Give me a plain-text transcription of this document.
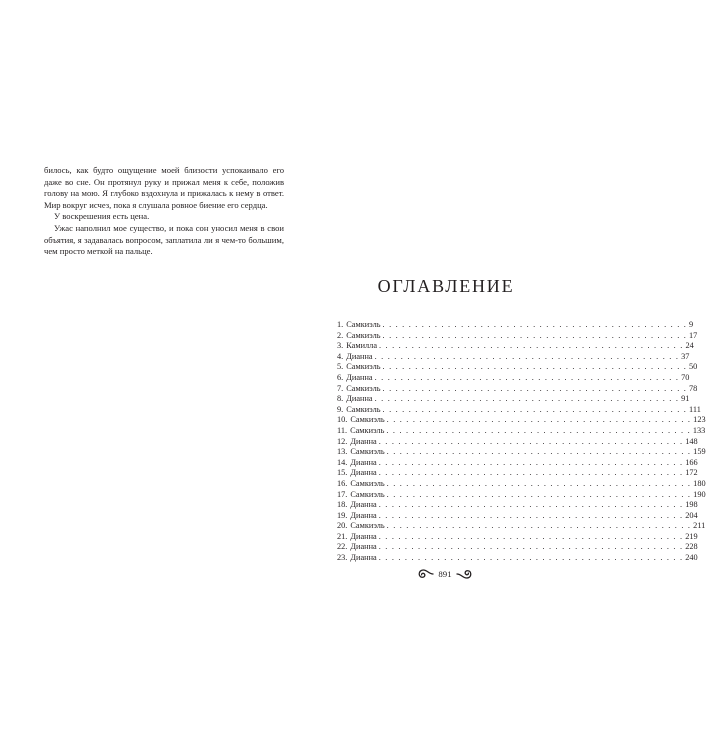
билось, как будто ощущение моей близости успокаивало его даже во сне. Он протянул руку и прижал меня к себе, положив голову на мою. Я глубоко вздохнула и прижалась к нему в ответ. Мир вокруг исчез, пока я слушала ровное биение его сердца.

У воскрешения есть цена.

Ужас наполнил мое существо, и пока сон уносил меня в свои объятия, я задавалась вопросом, заплатила ли я чем-то большим, чем просто меткой на пальце.

ОГЛАВЛЕНИЕ
1. Самкиэль . . . . . . . . . . . . . . . . . . . . . . . . . . . . . . . . . . . . . . . . . . . . . . . 9
2. Самкиэль . . . . . . . . . . . . . . . . . . . . . . . . . . . . . . . . . . . . . . . . . . . . . . . 17
3. Камилла . . . . . . . . . . . . . . . . . . . . . . . . . . . . . . . . . . . . . . . . . . . . . . . 24
4. Дианна . . . . . . . . . . . . . . . . . . . . . . . . . . . . . . . . . . . . . . . . . . . . . . . 37
5. Самкиэль . . . . . . . . . . . . . . . . . . . . . . . . . . . . . . . . . . . . . . . . . . . . . . . 50
6. Дианна . . . . . . . . . . . . . . . . . . . . . . . . . . . . . . . . . . . . . . . . . . . . . . . 70
7. Самкиэль . . . . . . . . . . . . . . . . . . . . . . . . . . . . . . . . . . . . . . . . . . . . . . . 78
8. Дианна . . . . . . . . . . . . . . . . . . . . . . . . . . . . . . . . . . . . . . . . . . . . . . . 91
9. Самкиэль . . . . . . . . . . . . . . . . . . . . . . . . . . . . . . . . . . . . . . . . . . . . . . . 111
10. Самкиэль . . . . . . . . . . . . . . . . . . . . . . . . . . . . . . . . . . . . . . . . . . . . . . . 123
11. Самкиэль . . . . . . . . . . . . . . . . . . . . . . . . . . . . . . . . . . . . . . . . . . . . . . . 133
12. Дианна . . . . . . . . . . . . . . . . . . . . . . . . . . . . . . . . . . . . . . . . . . . . . . . 148
13. Самкиэль . . . . . . . . . . . . . . . . . . . . . . . . . . . . . . . . . . . . . . . . . . . . . . . 159
14. Дианна . . . . . . . . . . . . . . . . . . . . . . . . . . . . . . . . . . . . . . . . . . . . . . . 166
15. Дианна . . . . . . . . . . . . . . . . . . . . . . . . . . . . . . . . . . . . . . . . . . . . . . . 172
16. Самкиэль . . . . . . . . . . . . . . . . . . . . . . . . . . . . . . . . . . . . . . . . . . . . . . . 180
17. Самкиэль . . . . . . . . . . . . . . . . . . . . . . . . . . . . . . . . . . . . . . . . . . . . . . . 190
18. Дианна . . . . . . . . . . . . . . . . . . . . . . . . . . . . . . . . . . . . . . . . . . . . . . . 198
19. Дианна . . . . . . . . . . . . . . . . . . . . . . . . . . . . . . . . . . . . . . . . . . . . . . . 204
20. Самкиэль . . . . . . . . . . . . . . . . . . . . . . . . . . . . . . . . . . . . . . . . . . . . . . . 211
21. Дианна . . . . . . . . . . . . . . . . . . . . . . . . . . . . . . . . . . . . . . . . . . . . . . . 219
22. Дианна . . . . . . . . . . . . . . . . . . . . . . . . . . . . . . . . . . . . . . . . . . . . . . . 228
23. Дианна . . . . . . . . . . . . . . . . . . . . . . . . . . . . . . . . . . . . . . . . . . . . . . . 240
891
